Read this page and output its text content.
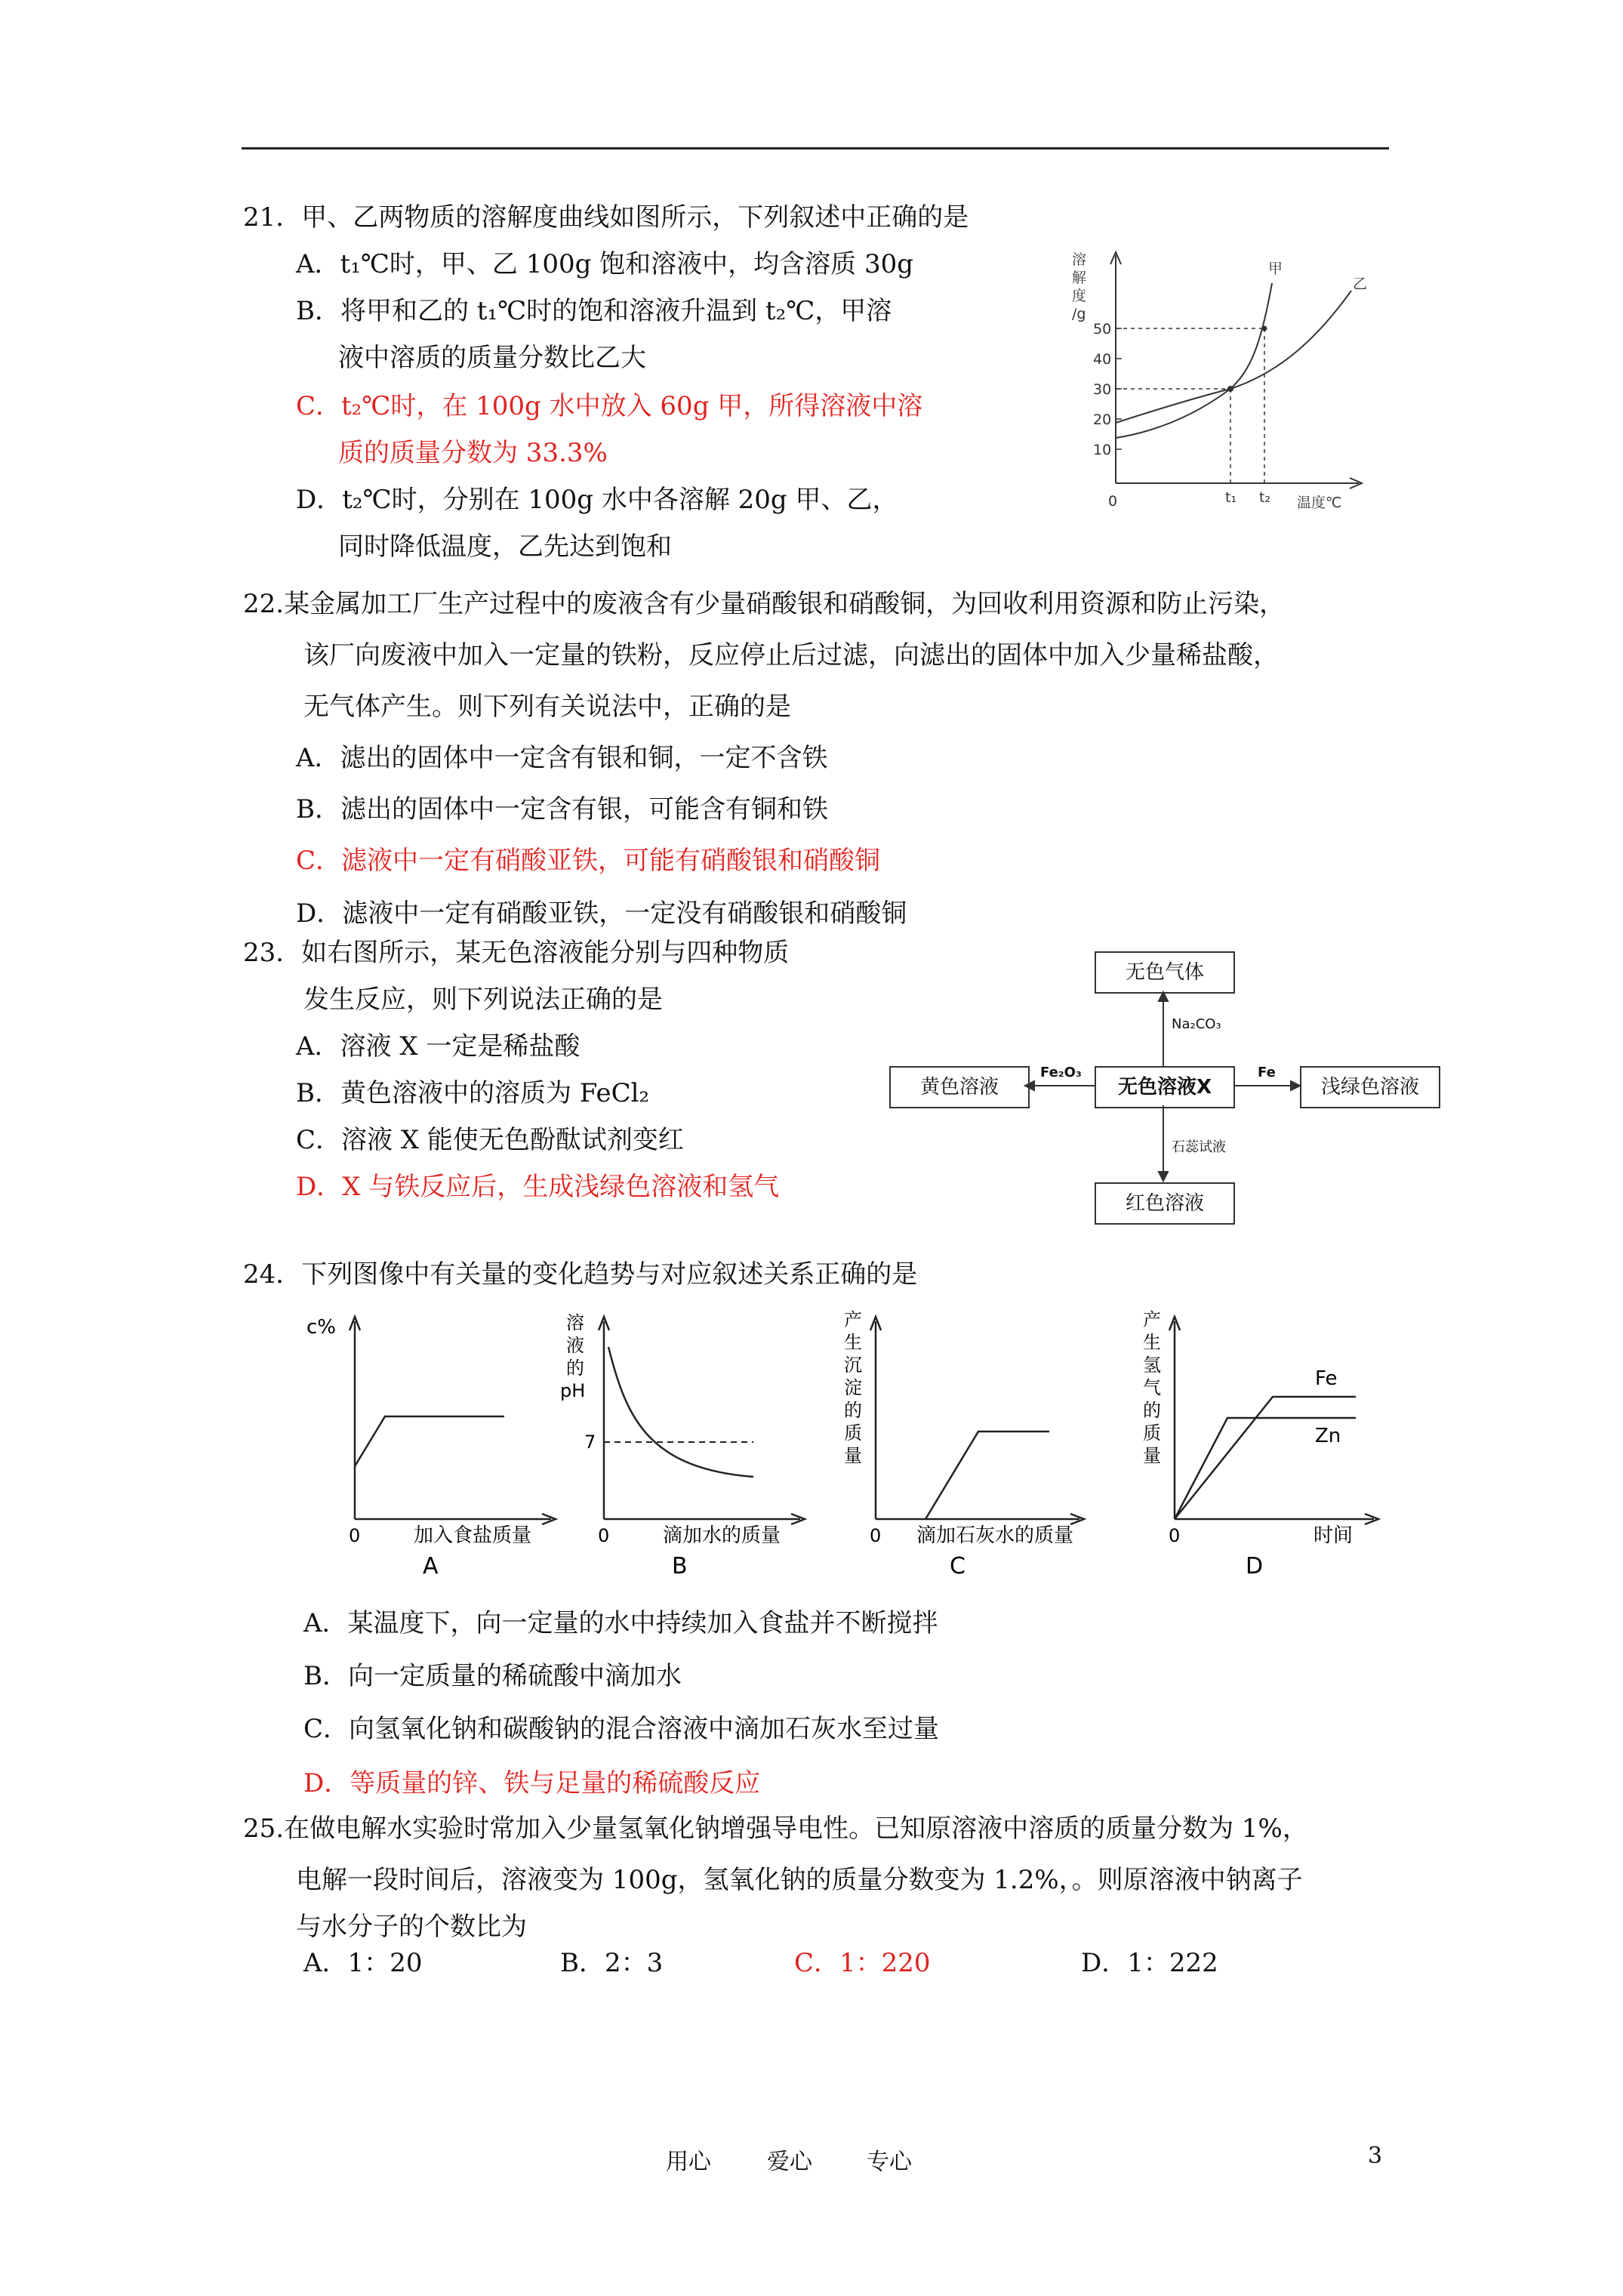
21．甲、乙两物质的溶解度曲线如图所示，下列叙述中正确的是
A．t₁℃时，甲、乙 100g 饱和溶液中，均含溶质 30g
B．将甲和乙的 t₁℃时的饱和溶液升温到 t₂℃，甲溶
液中溶质的质量分数比乙大
C．t₂℃时，在 100g 水中放入 60g 甲，所得溶液中溶
质的质量分数为 33.3%
D．t₂℃时，分别在 100g 水中各溶解 20g 甲、乙，
同时降低温度，乙先达到饱和
溶
解
度
/g
10
20
30
40
50
0	t₁ t₂ 温度℃
甲
乙
22.某金属加工厂生产过程中的废液含有少量硝酸银和硝酸铜，为回收利用资源和防止污染，
该厂向废液中加入一定量的铁粉，反应停止后过滤，向滤出的固体中加入少量稀盐酸，
无气体产生。则下列有关说法中，正确的是
A．滤出的固体中一定含有银和铜，一定不含铁
B．滤出的固体中一定含有银，可能含有铜和铁
C．滤液中一定有硝酸亚铁，可能有硝酸银和硝酸铜
D．滤液中一定有硝酸亚铁，一定没有硝酸银和硝酸铜
23．如右图所示，某无色溶液能分别与四种物质
发生反应，则下列说法正确的是
A．溶液 X 一定是稀盐酸
B．黄色溶液中的溶质为 FeCl₂
C．溶液 X 能使无色酚酞试剂变红
D．X 与铁反应后，生成浅绿色溶液和氢气
无色气体
黄色溶液	无色溶液X	浅绿色溶液
红色溶液
Na₂CO₃
Fe₂O₃	Fe
石蕊试液
24．下列图像中有关量的变化趋势与对应叙述关系正确的是
c%
0	加入食盐质量
A
溶
液
的
pH
7
0	滴加水的质量
B
产
生
沉
淀
的
质
量
0 滴加石灰水的质量
C
产
生
氢
气
的
质
量
Fe
Zn
0	时间
D
A．某温度下，向一定量的水中持续加入食盐并不断搅拌
B．向一定质量的稀硫酸中滴加水
C．向氢氧化钠和碳酸钠的混合溶液中滴加石灰水至过量
D．等质量的锌、铁与足量的稀硫酸反应
25.在做电解水实验时常加入少量氢氧化钠增强导电性。已知原溶液中溶质的质量分数为 1%，
电解一段时间后，溶液变为 100g，氢氧化钠的质量分数变为 1.2%，。则原溶液中钠离子
与水分子的个数比为
A．1：20	B．2：3	C．1：220	D．1：222
用心 爱心 专心	3
